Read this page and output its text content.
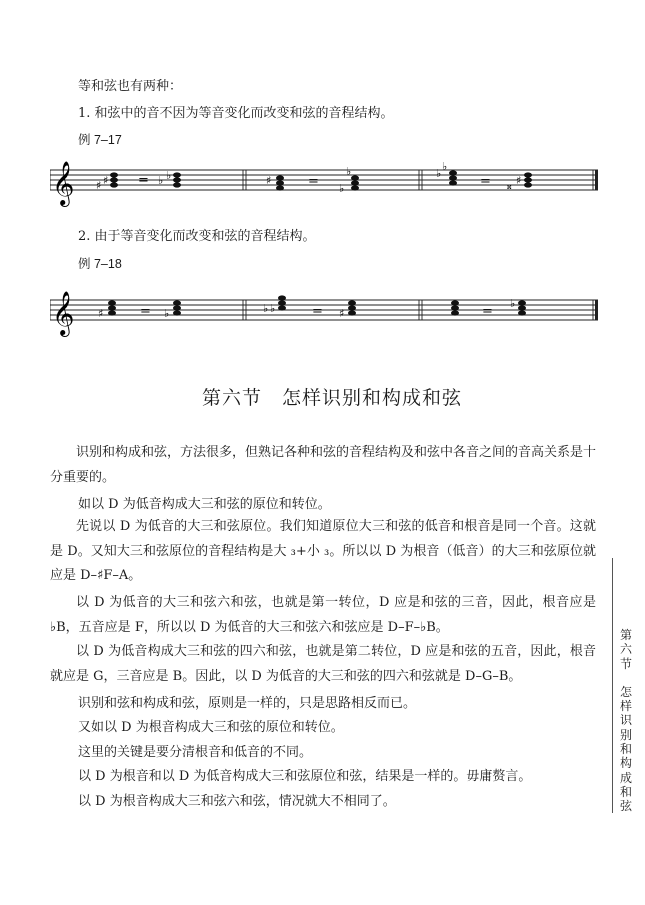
等和弦也有两种：
1. 和弦中的音不因为等音变化而改变和弦的音程结构。
例 7–17
𝄞 ♯ ♯ = ♭ ♭	♯	= ♭
♭	♭
♭
= 𝄪 ♯
2. 由于等音变化而改变和弦的音程结构。
例 7–18
𝄞 ♯	= ♭	♭ ♭	= ♯	=
♭
第六节 怎样识别和构成和弦
识别和构成和弦，方法很多，但熟记各种和弦的音程结构及和弦中各音之间的音高关系是十分重要的。
如以 D 为低音构成大三和弦的原位和转位。
先说以 D 为低音的大三和弦原位。我们知道原位大三和弦的低音和根音是同一个音。这就是 D。又知大三和弦原位的音程结构是大 ₃+小 ₃。所以以 D 为根音（低音）的大三和弦原位就应是 D–♯F–A。
以 D 为低音的大三和弦六和弦，也就是第一转位，D 应是和弦的三音，因此，根音应是 ♭B，五音应是 F，所以以 D 为低音的大三和弦六和弦应是 D–F–♭B。
以 D 为低音构成大三和弦的四六和弦，也就是第二转位，D 应是和弦的五音，因此，根音就应是 G，三音应是 B。因此，以 D 为低音的大三和弦的四六和弦就是 D–G–B。
识别和弦和构成和弦，原则是一样的，只是思路相反而已。
又如以 D 为根音构成大三和弦的原位和转位。
这里的关键是要分清根音和低音的不同。
以 D 为根音和以 D 为低音构成大三和弦原位和弦，结果是一样的。毋庸赘言。
以 D 为根音构成大三和弦六和弦，情况就大不相同了。
第六节
怎样识别和构成和弦
